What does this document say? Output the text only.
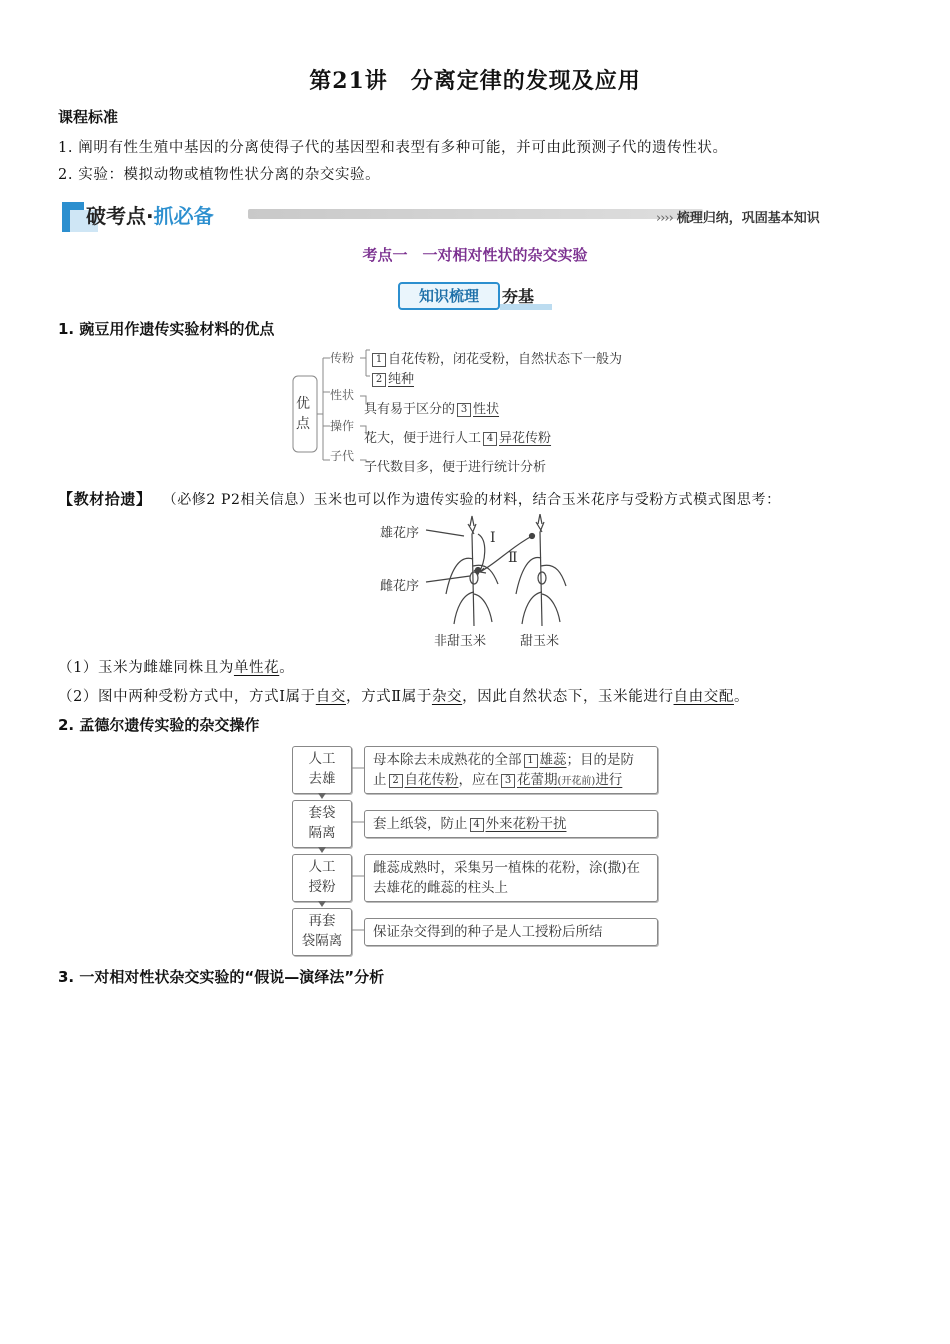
第21讲　分离定律的发现及应用
课程标准
1. 阐明有性生殖中基因的分离使得子代的基因型和表型有多种可能，并可由此预测子代的遗传性状。
2. 实验：模拟动物或植物性状分离的杂交实验。
破考点·抓必备	›››› 梳理归纳，巩固基本知识
考点一　一对相对性状的杂交实验
知识梳理	夯基
1. 豌豆用作遗传实验材料的优点
优点
传粉
性状
操作
子代
1 自花传粉，闭花受粉，自然状态下一般为
2 纯种
具有易于区分的 3 性状
花大，便于进行人工 4 异花传粉
子代数目多，便于进行统计分析
【教材拾遗】 （必修2 P2相关信息）玉米也可以作为遗传实验的材料，结合玉米花序与受粉方式模式图思考：
雄花序
雌花序
Ⅰ
Ⅱ
非甜玉米	甜玉米
（1）玉米为雌雄同株且为单性花。
（2）图中两种受粉方式中，方式Ⅰ属于自交，方式Ⅱ属于杂交，因此自然状态下，玉米能进行自由交配。
2. 孟德尔遗传实验的杂交操作
人工
去雄
套袋
隔离
人工
授粉
再套
袋隔离
母本除去未成熟花的全部 1 雄蕊；目的是防
止 2 自花传粉，应在 3 花蕾期(开花前)进行
套上纸袋，防止 4 外来花粉干扰
雌蕊成熟时，采集另一植株的花粉，涂(撒)在
去雄花的雌蕊的柱头上
保证杂交得到的种子是人工授粉后所结
3. 一对相对性状杂交实验的“假说—演绎法”分析
